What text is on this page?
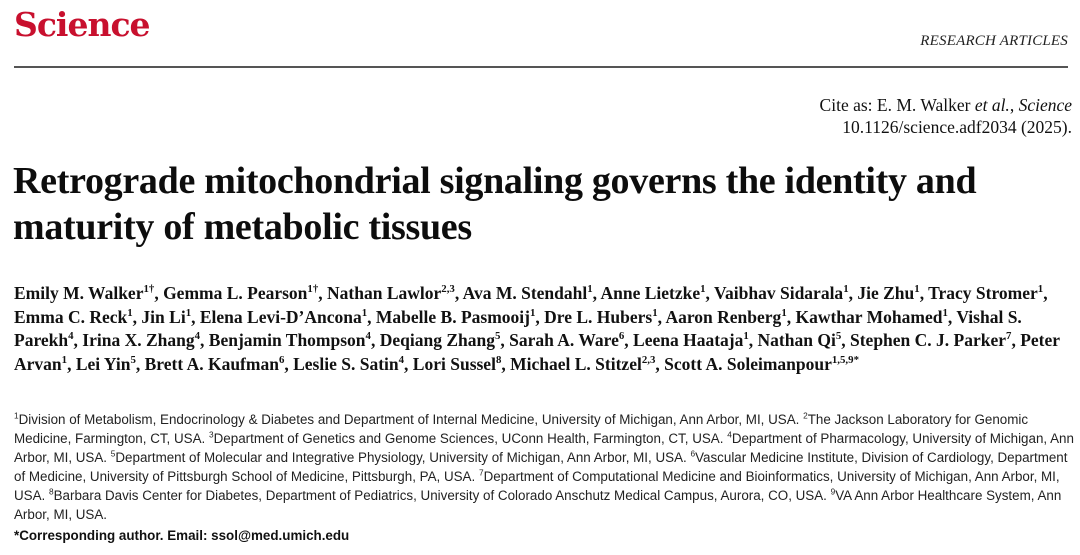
Science	RESEARCH ARTICLES
Cite as: E. M. Walker et al., Science
10.1126/science.adf2034 (2025).
Retrograde mitochondrial signaling governs the identity and maturity of metabolic tissues
Emily M. Walker$^{1\dagger}$, Gemma L. Pearson$^{1\dagger}$, Nathan Lawlor$^{2,3}$, Ava M. Stendahl$^1$, Anne Lietzke$^1$, Vaibhav Sidarala$^1$, Jie Zhu$^1$, Tracy Stromer$^1$, Emma C. Reck$^1$, Jin Li$^1$, Elena Levi-D’Ancona$^1$, Mabelle B. Pasmooij$^1$, Dre L. Hubers$^1$, Aaron Renberg$^1$, Kawthar Mohamed$^1$, Vishal S. Parekh$^4$, Irina X. Zhang$^4$, Benjamin Thompson$^4$, Deqiang Zhang$^5$, Sarah A. Ware$^6$, Leena Haataja$^1$, Nathan Qi$^5$, Stephen C. J. Parker$^7$, Peter Arvan$^1$, Lei Yin$^5$, Brett A. Kaufman$^6$, Leslie S. Satin$^4$, Lori Sussel$^8$, Michael L. Stitzel$^{2,3}$, Scott A. Soleimanpour$^{1,5,9*}$
$^1$Division of Metabolism, Endocrinology & Diabetes and Department of Internal Medicine, University of Michigan, Ann Arbor, MI, USA. $^2$The Jackson Laboratory for Genomic Medicine, Farmington, CT, USA. $^3$Department of Genetics and Genome Sciences, UConn Health, Farmington, CT, USA. $^4$Department of Pharmacology, University of Michigan, Ann Arbor, MI, USA. $^5$Department of Molecular and Integrative Physiology, University of Michigan, Ann Arbor, MI, USA. $^6$Vascular Medicine Institute, Division of Cardiology, Department of Medicine, University of Pittsburgh School of Medicine, Pittsburgh, PA, USA. $^7$Department of Computational Medicine and Bioinformatics, University of Michigan, Ann Arbor, MI, USA. $^8$Barbara Davis Center for Diabetes, Department of Pediatrics, University of Colorado Anschutz Medical Campus, Aurora, CO, USA. $^9$VA Ann Arbor Healthcare System, Ann Arbor, MI, USA.
*Corresponding author. Email: ssol@med.umich.edu
